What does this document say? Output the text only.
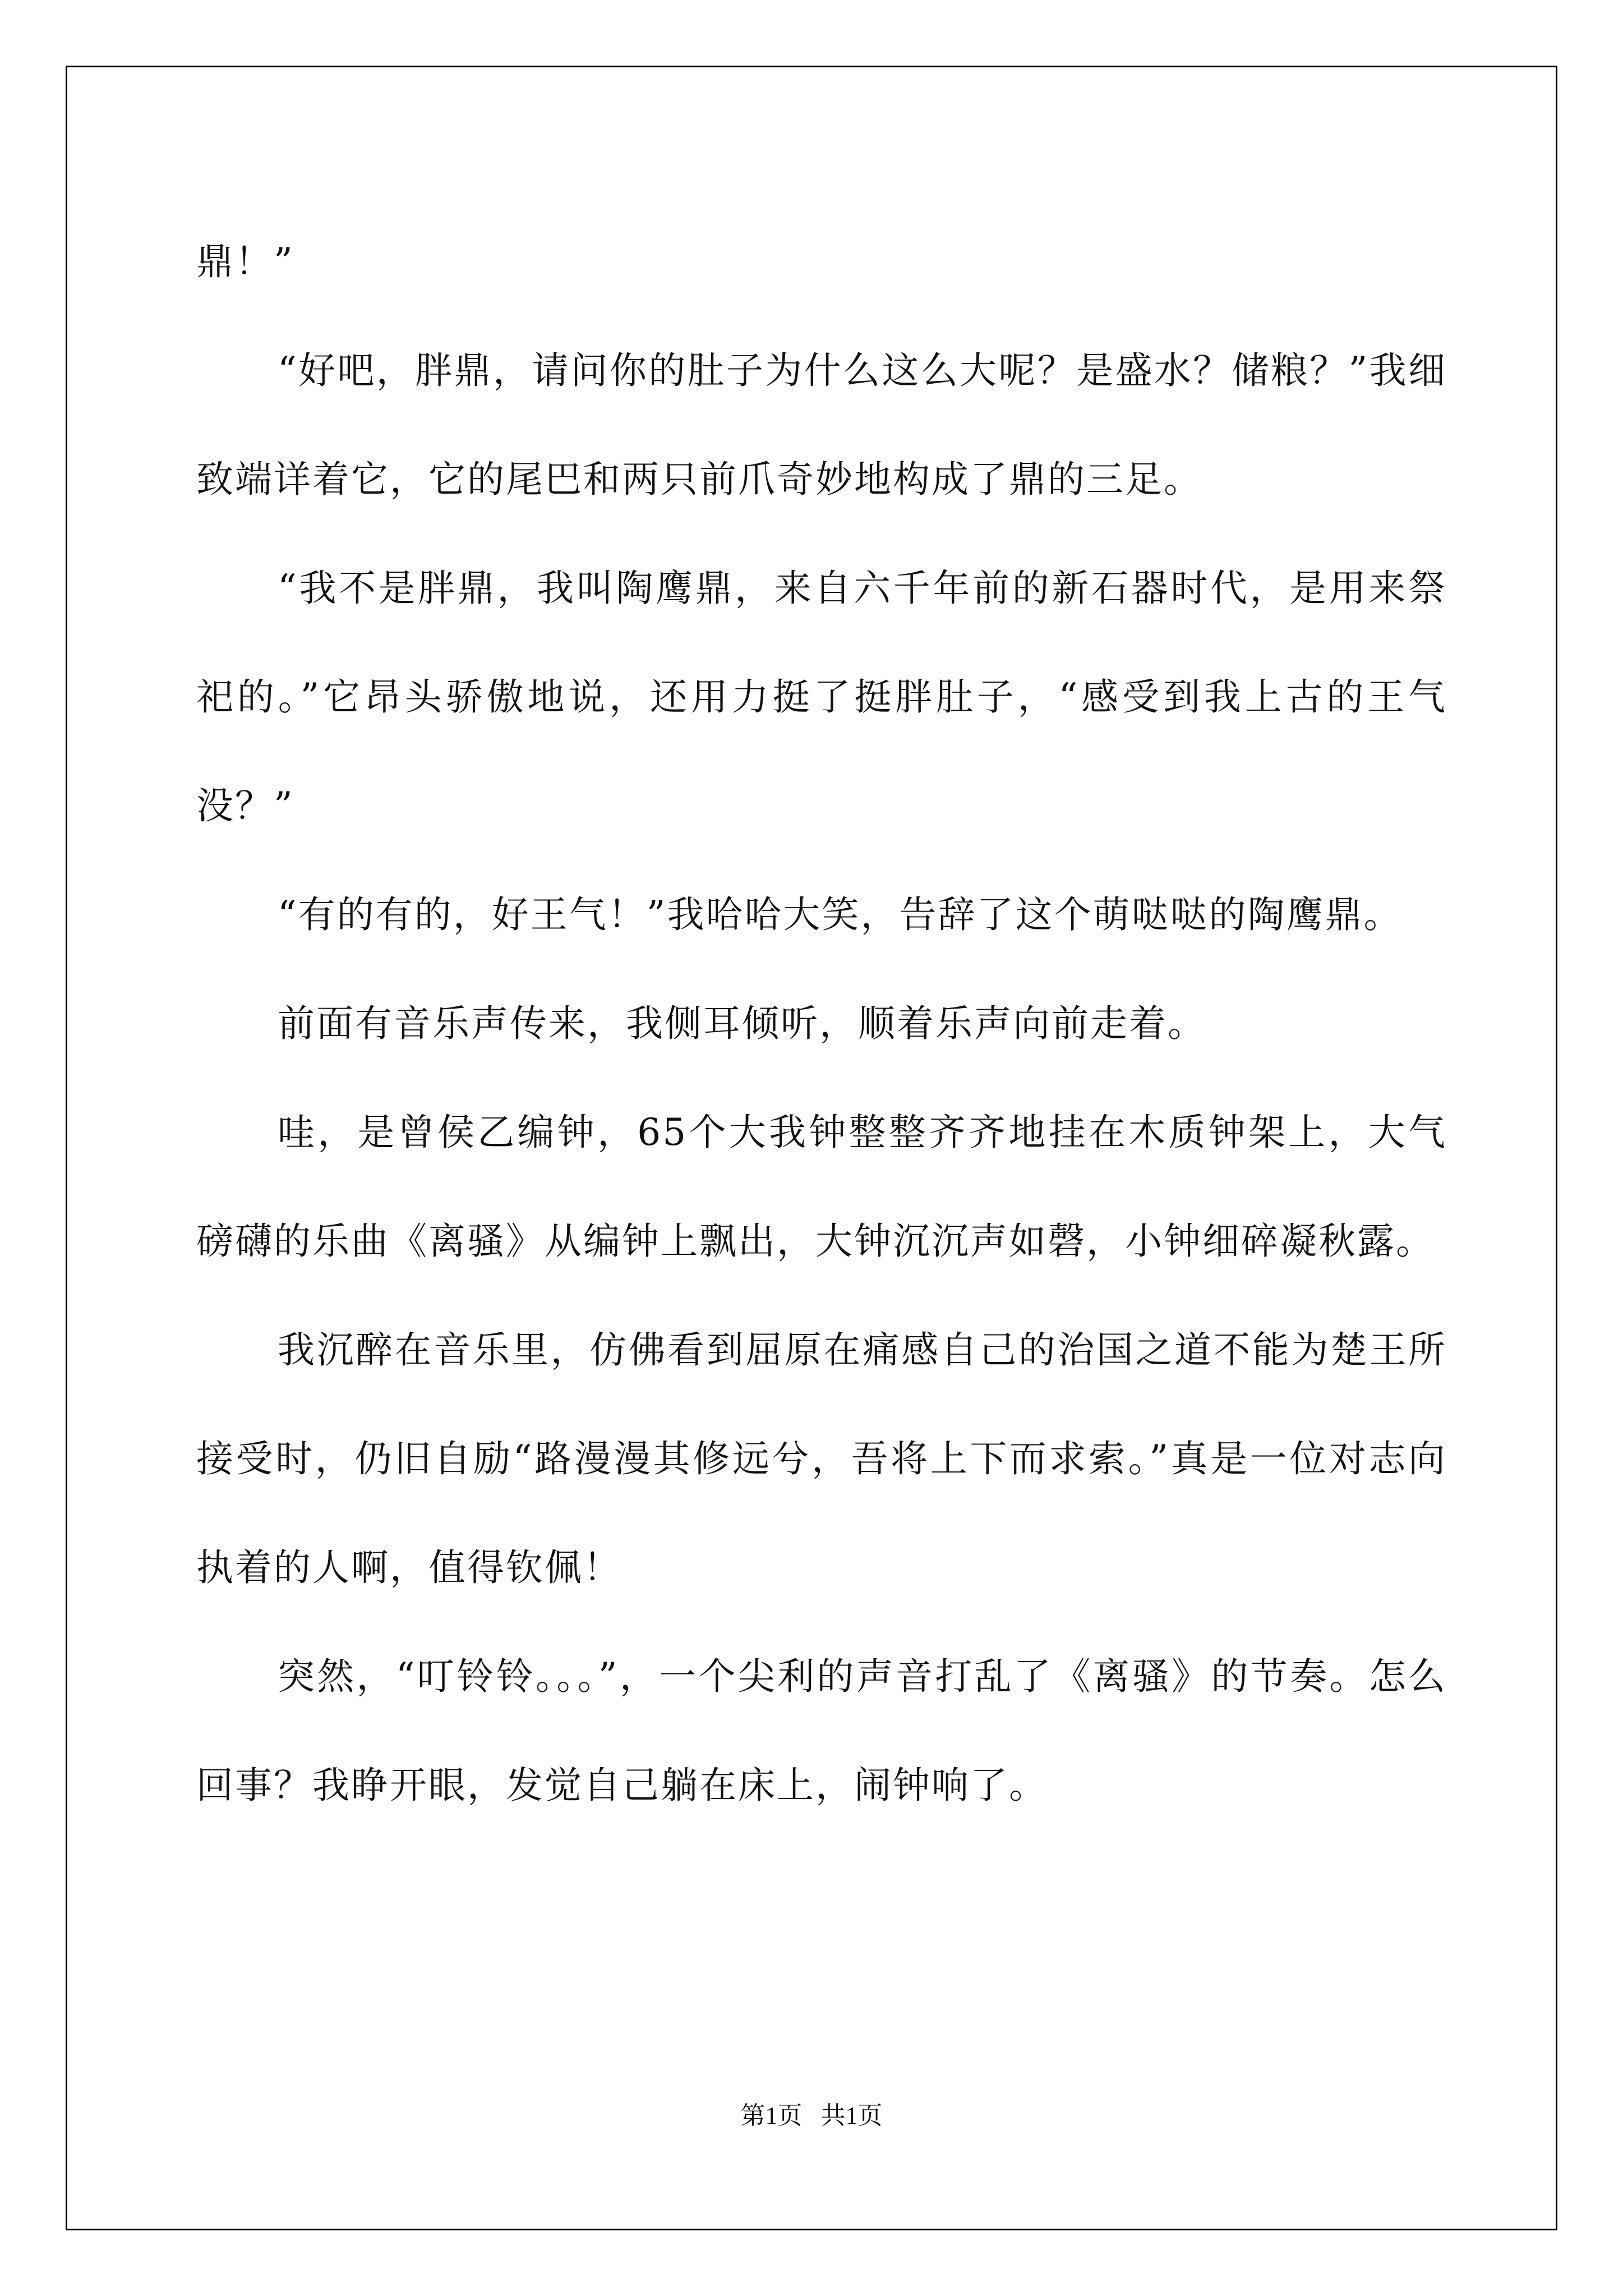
鼎！”

“好吧，胖鼎，请问你的肚子为什么这么大呢？是盛水？储粮？”我细致端详着它，它的尾巴和两只前爪奇妙地构成了鼎的三足。

“我不是胖鼎，我叫陶鹰鼎，来自六千年前的新石器时代，是用来祭祀的。”它昂头骄傲地说，还用力挺了挺胖肚子，“感受到我上古的王气没？”

“有的有的，好王气！”我哈哈大笑，告辞了这个萌哒哒的陶鹰鼎。

前面有音乐声传来，我侧耳倾听，顺着乐声向前走着。

哇，是曾侯乙编钟，65个大我钟整整齐齐地挂在木质钟架上，大气磅礴的乐曲《离骚》从编钟上飘出，大钟沉沉声如磬，小钟细碎凝秋露。

我沉醉在音乐里，仿佛看到屈原在痛感自己的治国之道不能为楚王所接受时，仍旧自励“路漫漫其修远兮，吾将上下而求索。”真是一位对志向执着的人啊，值得钦佩！

突然，“叮铃铃。。。”，一个尖利的声音打乱了《离骚》的节奏。怎么回事？我睁开眼，发觉自己躺在床上，闹钟响了。

第1页   共1页
